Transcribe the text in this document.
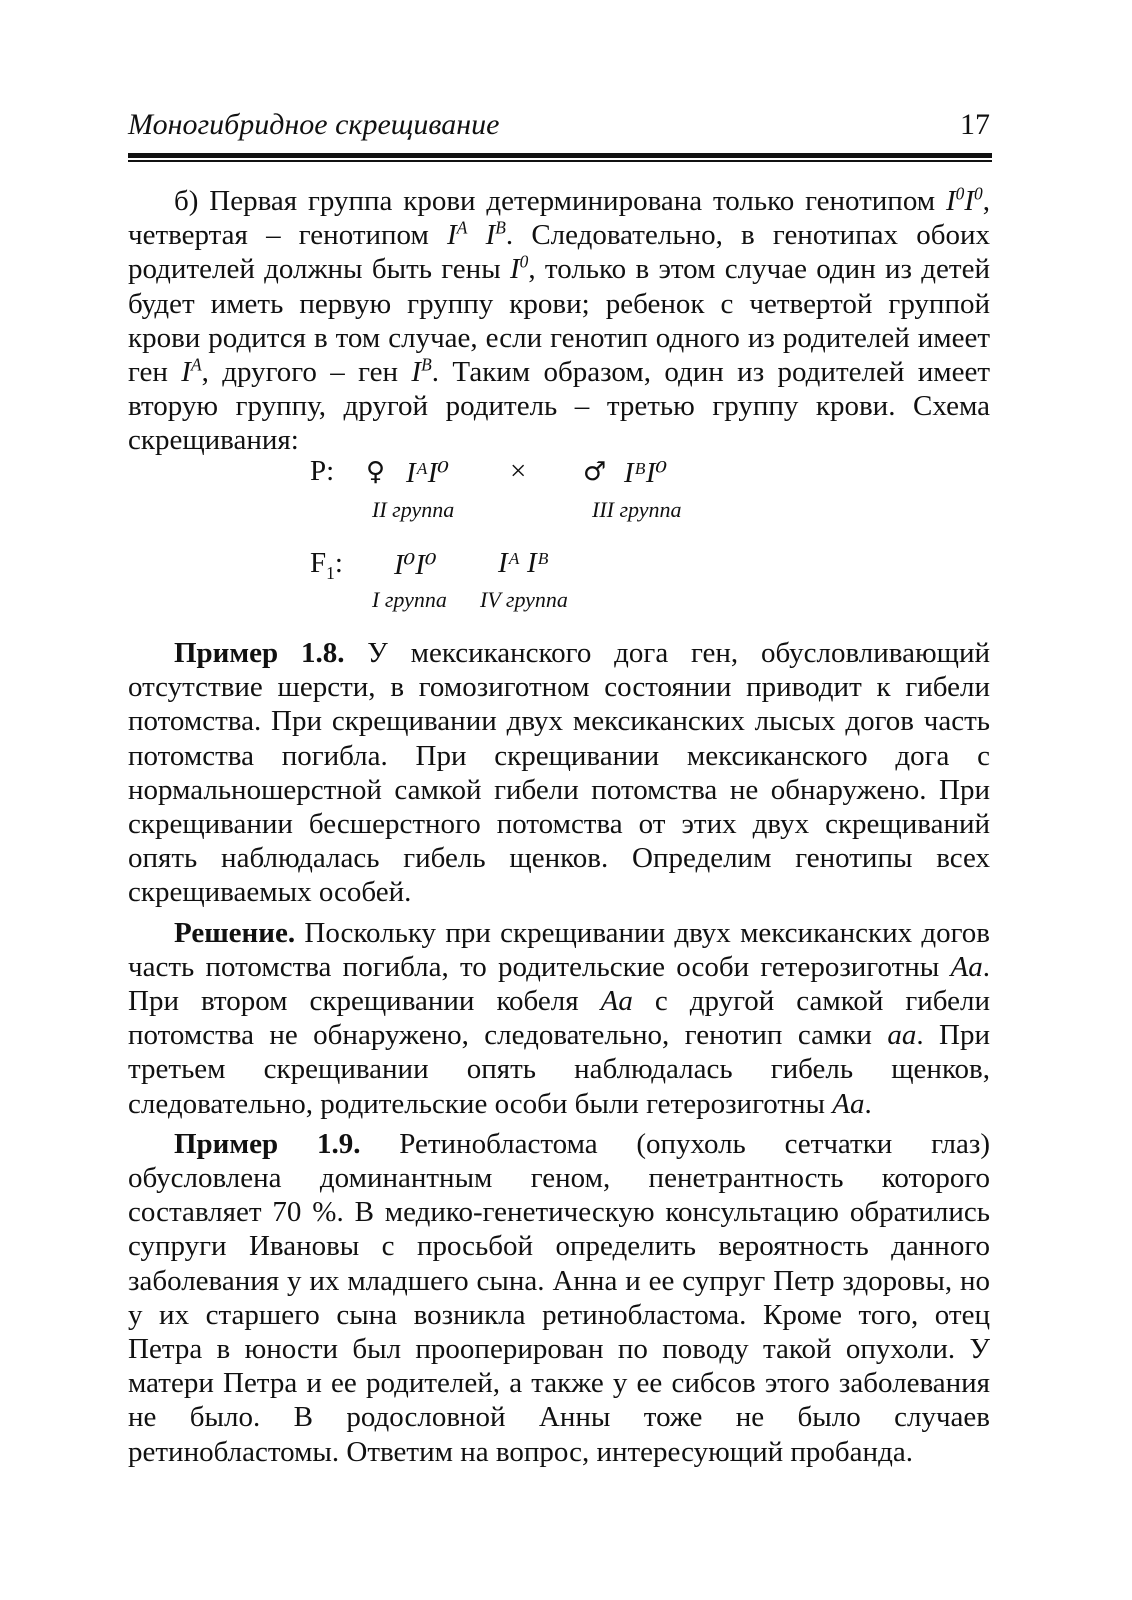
Моногибридное скрещивание	17

б) Первая группа крови детерминирована только генотипом $I^0I^0$, четвертая – генотипом $I^A$ $I^B$. Следовательно, в генотипах обоих родителей должны быть гены $I^0$, только в этом случае один из детей будет иметь первую группу крови; ребенок с четвертой группой крови родится в том случае, если генотип одного из родителей имеет ген $I^A$, другого – ген $I^B$. Таким образом, один из родителей имеет вторую группу, другой родитель – третью группу крови. Схема скрещивания:

P: ♀ IᴬI⁰ × ♂ IᴮI⁰
II группа	III группа
$F_1$: I⁰I⁰ Iᴬ Iᴮ
I группа IV группа

Пример 1.8. У мексиканского дога ген, обусловливающий отсутствие шерсти, в гомозиготном состоянии приводит к гибели потомства. При скрещивании двух мексиканских лысых догов часть потомства погибла. При скрещивании мексиканского дога с нормальношерстной самкой гибели потомства не обнаружено. При скрещивании бесшерстного потомства от этих двух скрещиваний опять наблюдалась гибель щенков. Определим генотипы всех скрещиваемых особей.

Решение. Поскольку при скрещивании двух мексиканских догов часть потомства погибла, то родительские особи гетерозиготны Aa. При втором скрещивании кобеля Aa с другой самкой гибели потомства не обнаружено, следовательно, генотип самки aa. При третьем скрещивании опять наблюдалась гибель щенков, следовательно, родительские особи были гетерозиготны Aa.

Пример 1.9. Ретинобластома (опухоль сетчатки глаз) обусловлена доминантным геном, пенетрантность которого составляет 70 %. В медико-генетическую консультацию обратились супруги Ивановы с просьбой определить вероятность данного заболевания у их младшего сына. Анна и ее супруг Петр здоровы, но у их старшего сына возникла ретинобластома. Кроме того, отец Петра в юности был прооперирован по поводу такой опухоли. У матери Петра и ее родителей, а также у ее сибсов этого заболевания не было. В родословной Анны тоже не было случаев ретинобластомы. Ответим на вопрос, интересующий пробанда.
